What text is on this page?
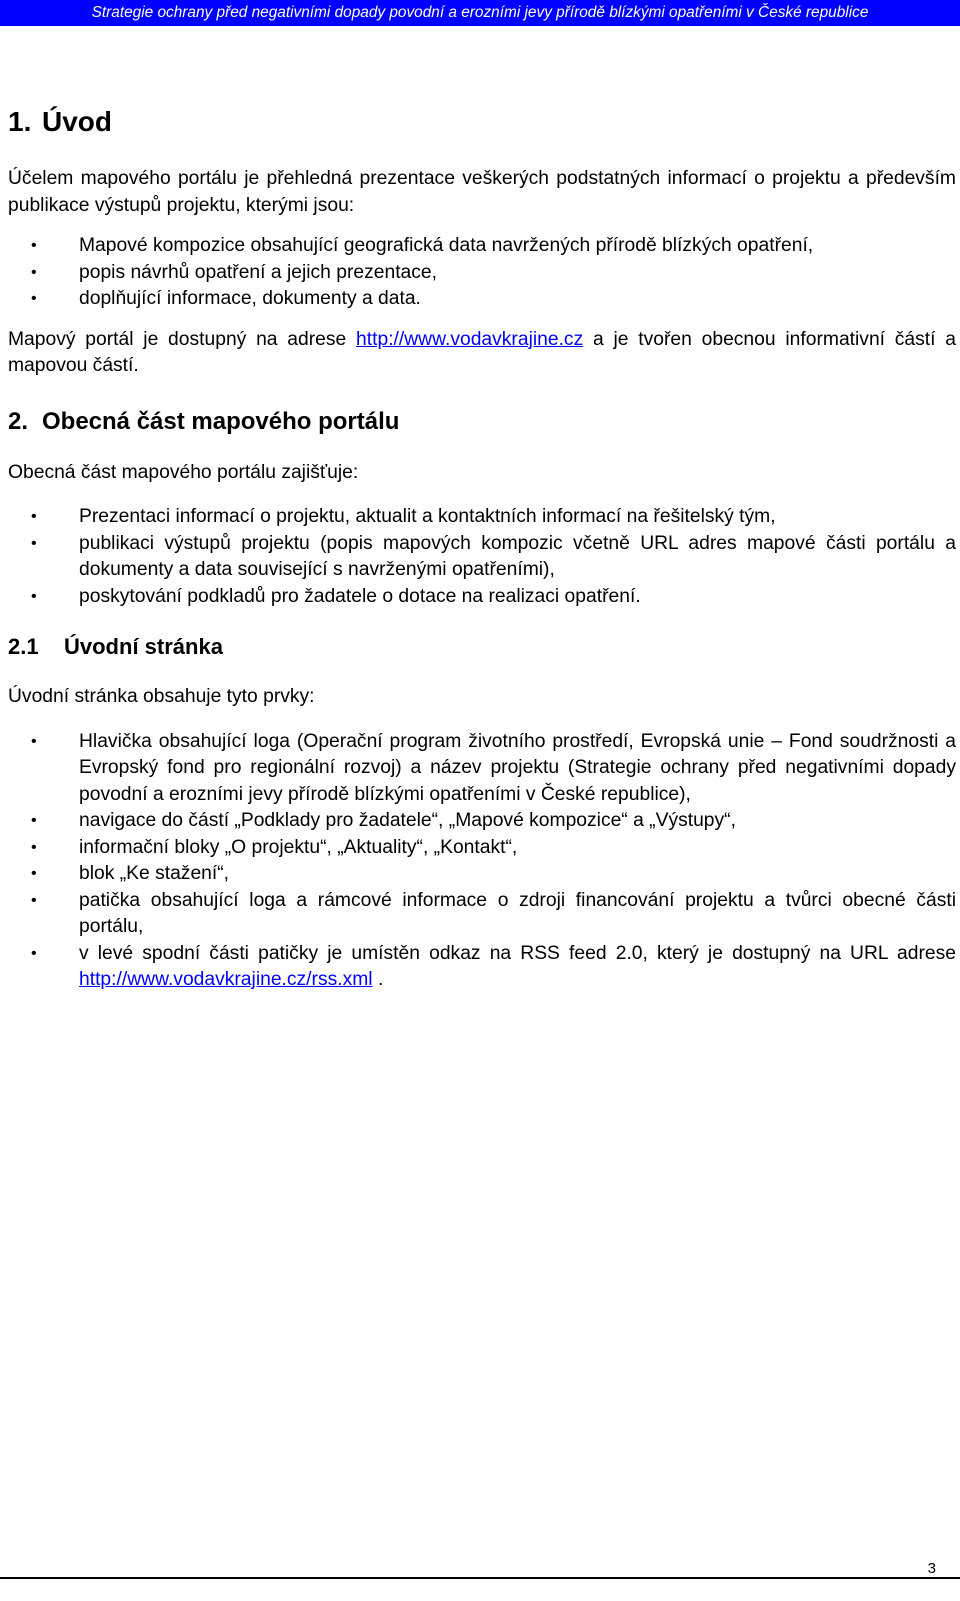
Strategie ochrany před negativními dopady povodní a erozními jevy přírodě blízkými opatřeními v České republice
1. Úvod

Účelem mapového portálu je přehledná prezentace veškerých podstatných informací o projektu a především publikace výstupů projektu, kterými jsou:

• Mapové kompozice obsahující geografická data navržených přírodě blízkých opatření,
• popis návrhů opatření a jejich prezentace,
• doplňující informace, dokumenty a data.

Mapový portál je dostupný na adrese http://www.vodavkrajine.cz a je tvořen obecnou informativní částí a mapovou částí.

2. Obecná část mapového portálu

Obecná část mapového portálu zajišťuje:

• Prezentaci informací o projektu, aktualit a kontaktních informací na řešitelský tým,
• publikaci výstupů projektu (popis mapových kompozic včetně URL adres mapové části portálu a dokumenty a data související s navrženými opatřeními),
• poskytování podkladů pro žadatele o dotace na realizaci opatření.
2.1 Úvodní stránka

Úvodní stránka obsahuje tyto prvky:

• Hlavička obsahující loga (Operační program životního prostředí, Evropská unie – Fond soudržnosti a Evropský fond pro regionální rozvoj) a název projektu (Strategie ochrany před negativními dopady povodní a erozními jevy přírodě blízkými opatřeními v České republice),
• navigace do částí „Podklady pro žadatele“, „Mapové kompozice“ a „Výstupy“,
• informační bloky „O projektu“, „Aktuality“, „Kontakt“,
• blok „Ke stažení“,
• patička obsahující loga a rámcové informace o zdroji financování projektu a tvůrci obecné části portálu,
• v levé spodní části patičky je umístěn odkaz na RSS feed 2.0, který je dostupný na URL adrese http://www.vodavkrajine.cz/rss.xml .
3
